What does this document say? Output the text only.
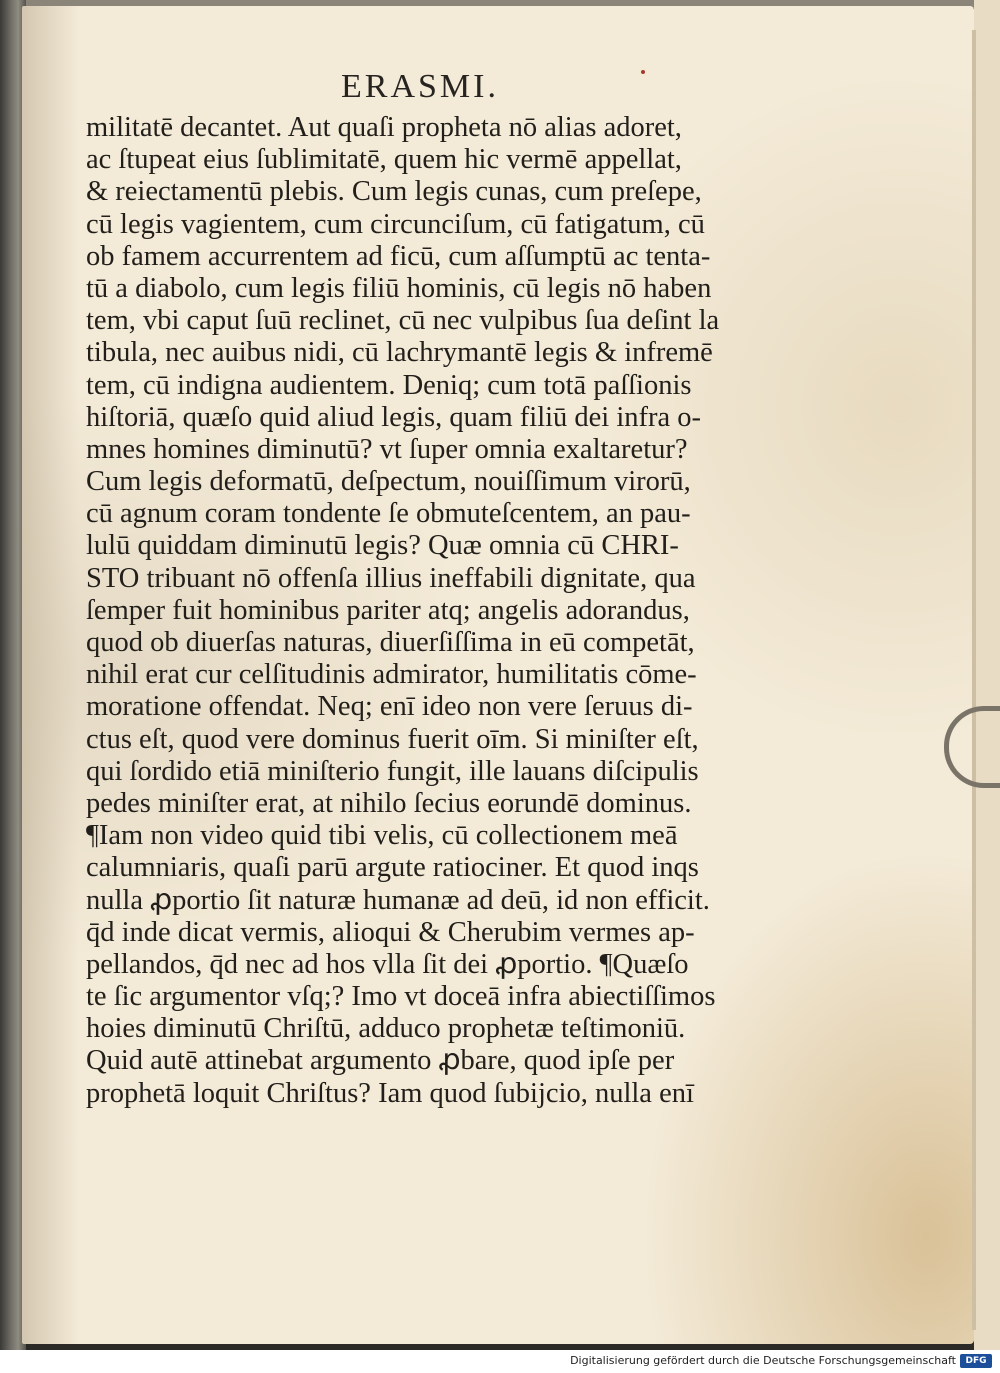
ERASMI.
militatē decantet. Aut quaſi propheta nō alias adoret,
ac ſtupeat eius ſublimitatē, quem hic vermē appellat,
& reiectamentū plebis. Cum legis cunas, cum preſepe,
cū legis vagientem, cum circunciſum, cū fatigatum, cū
ob famem accurrentem ad ficū, cum aſſumptū ac tenta‐
tū a diabolo, cum legis filiū hominis, cū legis nō haben
tem, vbi caput ſuū reclinet, cū nec vulpibus ſua deſint la
tibula, nec auibus nidi, cū lachrymantē legis & infremē
tem, cū indigna audientem. Deniq; cum totā paſſionis
hiſtoriā, quæſo quid aliud legis, quam filiū dei infra o‐
mnes homines diminutū? vt ſuper omnia exaltaretur?
Cum legis deformatū, deſpectum, nouiſſimum virorū,
cū agnum coram tondente ſe obmuteſcentem, an pau‐
lulū quiddam diminutū legis? Quæ omnia cū CHRI‐
STO tribuant nō offenſa illius ineffabili dignitate, qua
ſemper fuit hominibus pariter atq; angelis adorandus,
quod ob diuerſas naturas, diuerſiſſima in eū competāt,
nihil erat cur celſitudinis admirator, humilitatis cōme‐
moratione offendat. Neq; enī ideo non vere ſeruus di‐
ctus eſt, quod vere dominus fuerit oīm. Si miniſter eſt,
qui ſordido etiā miniſterio fungit, ille lauans diſcipulis
pedes miniſter erat, at nihilo ſecius eorundē dominus.
¶Iam non video quid tibi velis, cū collectionem meā
calumniaris, quaſi parū argute ratiociner. Et quod inqs
nulla ꝓportio ſit naturæ humanæ ad deū, id non efficit.
q̄d inde dicat vermis, alioqui & Cherubim vermes ap‐
pellandos, q̄d nec ad hos vlla ſit dei ꝓportio. ¶Quæſo
te ſic argumentor vſq;? Imo vt doceā infra abiectiſſimos
hoies diminutū Chriſtū, adduco prophetæ teſtimoniū.
Quid autē attinebat argumento ꝓbare, quod ipſe per
prophetā loquit Chriſtus? Iam quod ſubijcio, nulla enī
Digitalisierung gefördert durch die Deutsche Forschungsgemeinschaft	DFG
